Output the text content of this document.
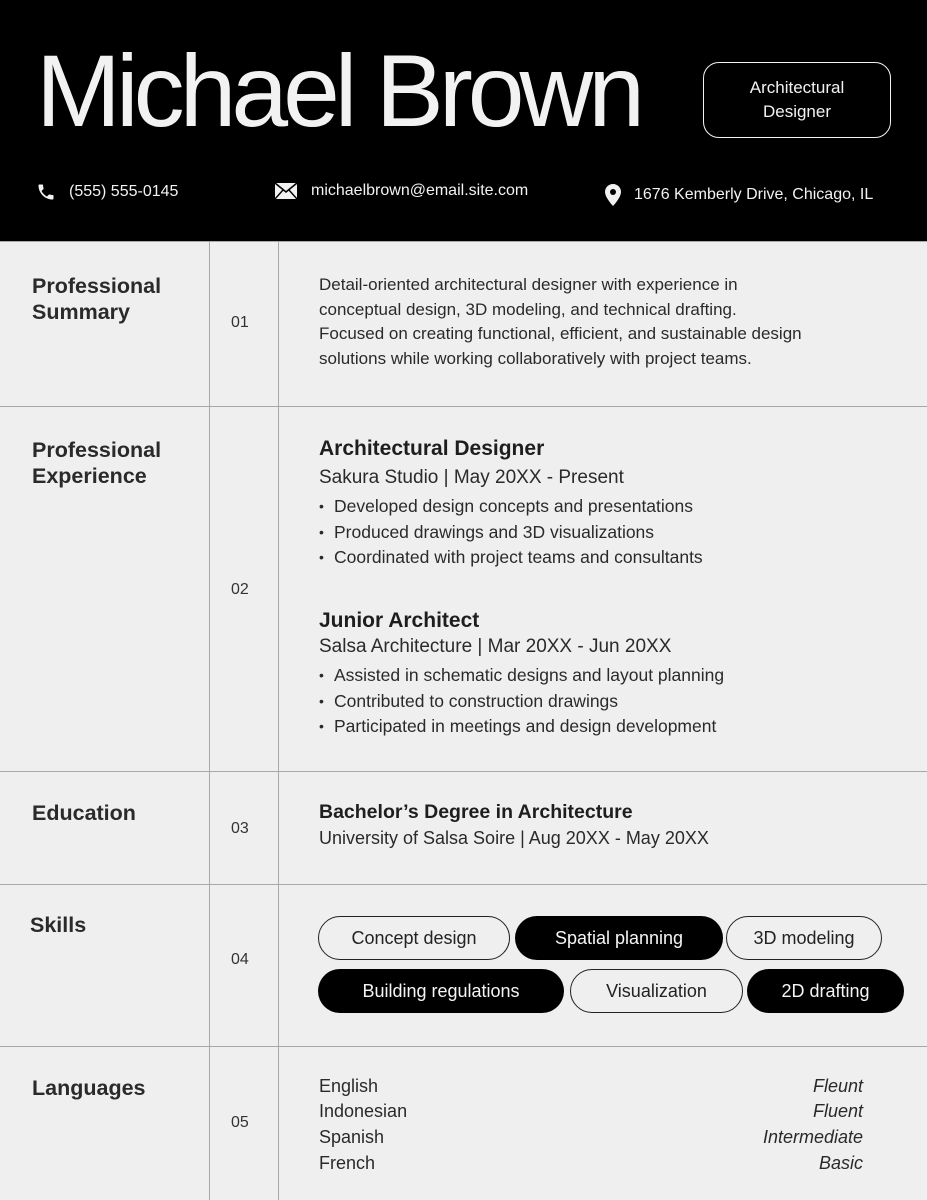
Michael Brown	Architectural Designer
(555) 555-0145	michaelbrown@email.site.com	1676 Kemberly Drive, Chicago, IL
Professional Summary	01
Detail-oriented architectural designer with experience in
conceptual design, 3D modeling, and technical drafting.
Focused on creating functional, efficient, and sustainable design
solutions while working collaboratively with project teams.
Professional Experience
02
Architectural Designer
Sakura Studio | May 20XX - Present
• Developed design concepts and presentations
• Produced drawings and 3D visualizations
• Coordinated with project teams and consultants
Junior Architect
Salsa Architecture | Mar 20XX - Jun 20XX
• Assisted in schematic designs and layout planning
• Contributed to construction drawings
• Participated in meetings and design development
Education
03
Bachelor’s Degree in Architecture
University of Salsa Soire | Aug 20XX - May 20XX
Skills
04
Concept design	Spatial planning	3D modeling
Building regulations	Visualization	2D drafting
Languages
05
English	Fleunt
Indonesian	Fluent
Spanish	Intermediate
French	Basic
